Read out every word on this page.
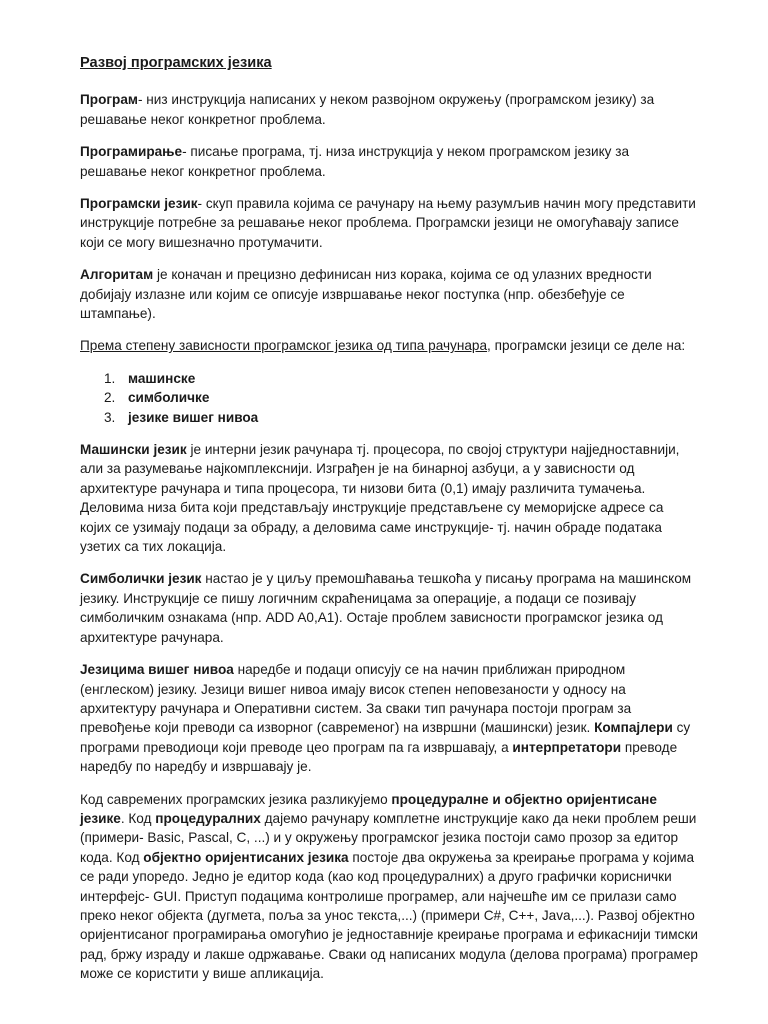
Развој програмских језика

Програм- низ инструкција написаних у неком развојном окружењу (програмском језику) за решавање неког конкретног проблема.

Програмирање- писање програма, тј. низа инструкција у неком програмском језику за решавање неког конкретног проблема.

Програмски језик- скуп правила којима се рачунару на њему разумљив начин могу представити инструкције потребне за решавање неког проблема. Програмски језици не омогућавају записе који се могу вишезначно протумачити.

Алгоритам је коначан и прецизно дефинисан низ корака, којима се од улазних вредности добијају излазне или којим се описује извршавање неког поступка (нпр. обезбеђује се штампање).

Према степену зависности програмског језика од типа рачунара, програмски језици се деле на:

1. машинске
2. симболичке
3. језике вишег нивоа

Машински језик је интерни језик рачунара тј. процесора, по својој структури најједноставнији, али за разумевање најкомплекснији. Изграђен је на бинарној азбуци, а у зависности од архитектуре рачунара и типа процесора, ти низови бита (0,1) имају различита тумачења. Деловима низа бита који представљају инструкције представљене су меморијске адресе са којих се узимају подаци за обраду, а деловима саме инструкције- тј. начин обраде података узетих са тих локација.

Симболички језик настао је у циљу премошћавања тешкоћа у писању програма на машинском језику. Инструкције се пишу логичним скраћеницама за операције, а подаци се позивају симболичким ознакама (нпр. ADD A0,A1). Остаје проблем зависности програмског језика од архитектуре рачунара.

Језицима вишег нивоа наредбе и подаци описују се на начин приближан природном (енглеском) језику. Језици вишег нивоа имају висок степен неповезаности у односу на архитектуру рачунара и Оперативни систем. За сваки тип рачунара постоји програм за превођење који преводи са изворног (савременог) на извршни (машински) језик. Компајлери су програми преводиоци који преводе цео програм па га извршавају, а интерпретатори преводе наредбу по наредбу и извршавају је.

Код савремених програмских језика разликујемо процедуралне и објектно оријентисане језике. Код процедуралних дајемо рачунару комплетне инструкције како да неки проблем реши (примери- Basic, Pascal, C, ...) и у окружењу програмског језика постоји само прозор за едитор кода. Код објектно оријентисаних језика постоје два окружења за креирање програма у којима се ради упоредо. Једно је едитор кода (као код процедуралних) а друго графички кориснички интерфејс- GUI. Приступ подацима контролише програмер, али најчешће им се прилази само преко неког објекта (дугмета, поља за унос текста,...) (примери C#, C++, Java,...). Развој објектно оријентисаног програмирања омогућио је једноставније креирање програма и ефикаснији тимски рад, бржу израду и лакше одржавање. Сваки од написаних модула (делова програма) програмер може се користити у више апликација.
